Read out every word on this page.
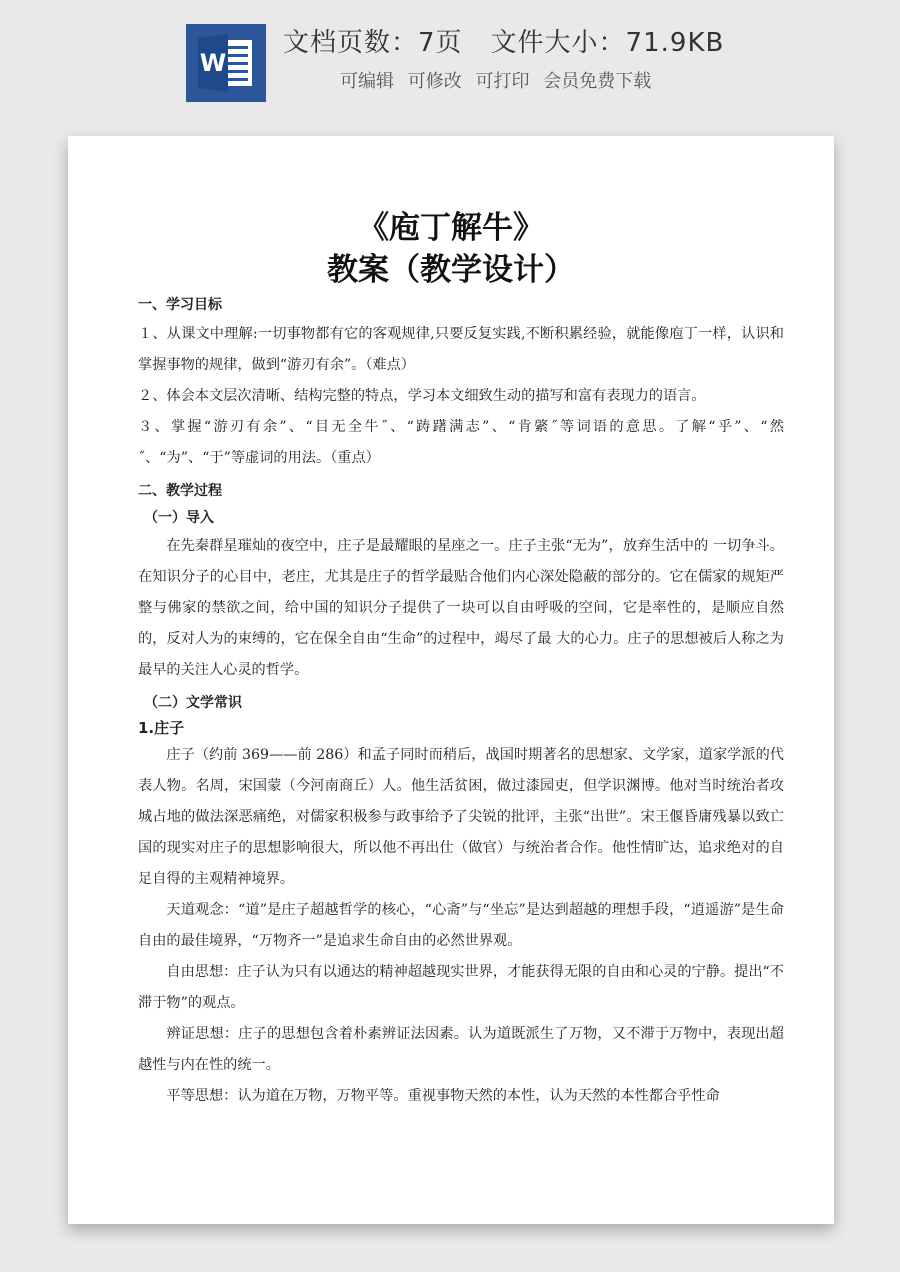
W
文档页数：7页 文件大小：71.9KB
可编辑 可修改 可打印 会员免费下载
《庖丁解牛》
教案（教学设计）

一、学习目标

１、从课文中理解:一切事物都有它的客观规律,只要反复实践,不断积累经验，就能像庖丁一样，认识和掌握事物的规律，做到“游刃有余”。（难点）

２、体会本文层次清晰、结构完整的特点，学习本文细致生动的描写和富有表现力的语言。

３、掌握“游刃有余”、“目无全牛˝、“踌躇满志”、“肯綮˝等词语的意思。了解“乎”、“然˝、“为”、“于”等虚词的用法。（重点）

二、教学过程

（一）导入

在先秦群星璀灿的夜空中，庄子是最耀眼的星座之一。庄子主张“无为”，放弃生活中的 一切争斗。在知识分子的心目中，老庄，尤其是庄子的哲学最贴合他们内心深处隐蔽的部分的。它在儒家的规矩严整与佛家的禁欲之间，给中国的知识分子提供了一块可以自由呼吸的空间，它是率性的，是顺应自然的，反对人为的束缚的，它在保全自由“生命”的过程中，竭尽了最 大的心力。庄子的思想被后人称之为最早的关注人心灵的哲学。

（二）文学常识

1.庄子

庄子（约前 369——前 286）和孟子同时而稍后，战国时期著名的思想家、文学家，道家学派的代表人物。名周，宋国蒙（今河南商丘）人。他生活贫困，做过漆园吏，但学识渊博。他对当时统治者攻城占地的做法深恶痛绝，对儒家积极参与政事给予了尖锐的批评，主张“出世”。宋王偃昏庸残暴以致亡国的现实对庄子的思想影响很大，所以他不再出仕（做官）与统治者合作。他性情旷达，追求绝对的自足自得的主观精神境界。

天道观念：“道”是庄子超越哲学的核心，“心斋”与“坐忘”是达到超越的理想手段，“逍遥游”是生命自由的最佳境界，“万物齐一”是追求生命自由的必然世界观。

自由思想：庄子认为只有以通达的精神超越现实世界，才能获得无限的自由和心灵的宁静。提出“不滞于物”的观点。

辨证思想：庄子的思想包含着朴素辨证法因素。认为道既派生了万物，又不滞于万物中，表现出超越性与内在性的统一。

平等思想：认为道在万物，万物平等。重视事物天然的本性，认为天然的本性都合乎性命
